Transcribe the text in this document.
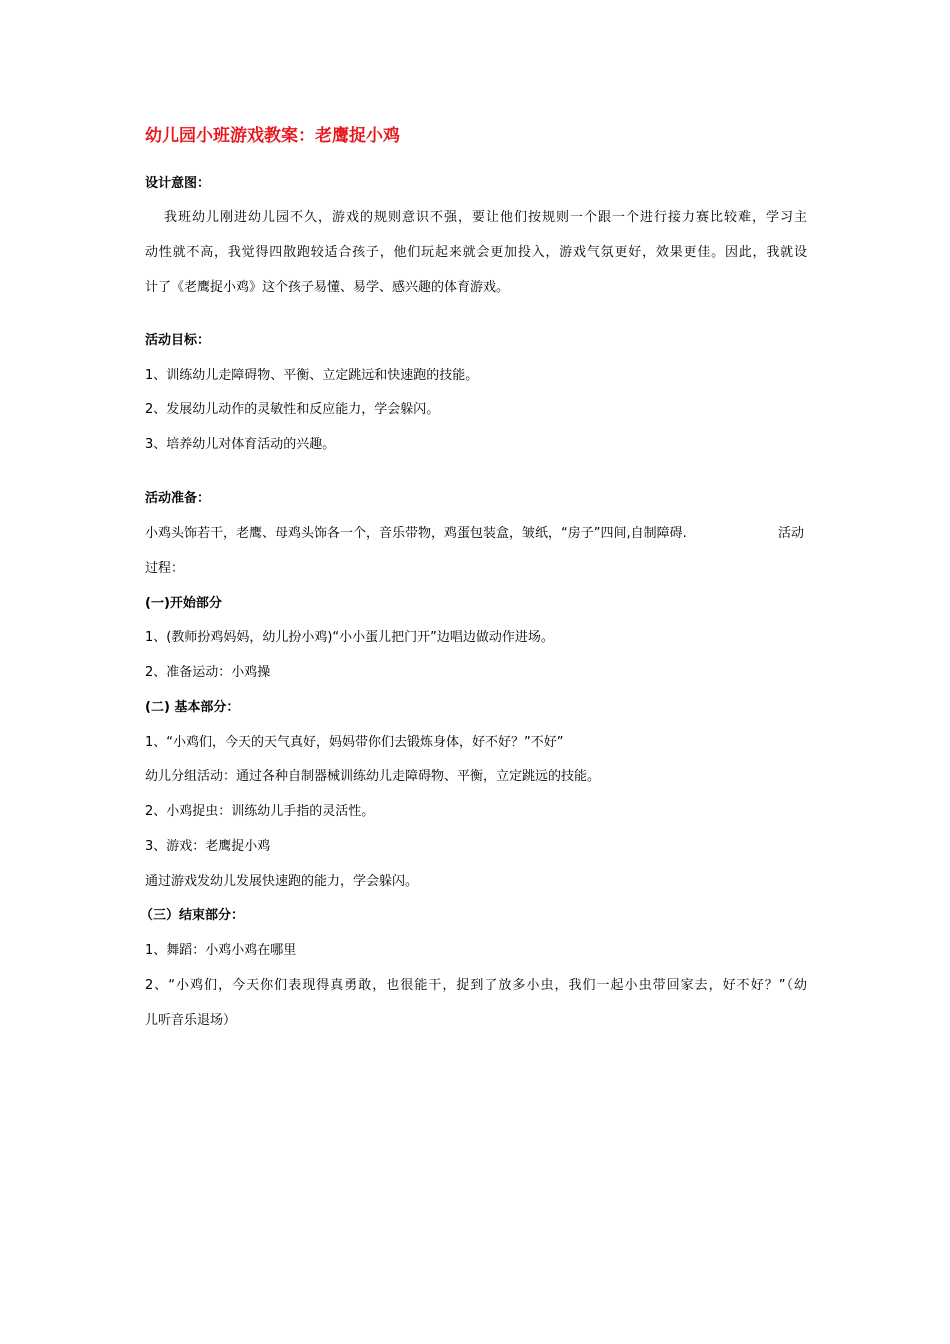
幼儿园小班游戏教案：老鹰捉小鸡
设计意图：
我班幼儿刚进幼儿园不久，游戏的规则意识不强，要让他们按规则一个跟一个进行接力赛比较难，学习主
动性就不高，我觉得四散跑较适合孩子，他们玩起来就会更加投入，游戏气氛更好，效果更佳。因此，我就设
计了《老鹰捉小鸡》这个孩子易懂、易学、感兴趣的体育游戏。
活动目标：
1、训练幼儿走障碍物、平衡、立定跳远和快速跑的技能。
2、发展幼儿动作的灵敏性和反应能力，学会躲闪。
3、培养幼儿对体育活动的兴趣。
活动准备：
小鸡头饰若干，老鹰、母鸡头饰各一个，音乐带物，鸡蛋包装盒，皱纸，“房子”四间,自制障碍.	活动
过程：
(一)开始部分
1、(教师扮鸡妈妈，幼儿扮小鸡)“小小蛋儿把门开”边唱边做动作进场。
2、准备运动：小鸡操
(二) 基本部分：
1、“小鸡们，今天的天气真好，妈妈带你们去锻炼身体，好不好？”不好”
幼儿分组活动：通过各种自制器械训练幼儿走障碍物、平衡，立定跳远的技能。
2、小鸡捉虫：训练幼儿手指的灵活性。
3、游戏：老鹰捉小鸡
通过游戏发幼儿发展快速跑的能力，学会躲闪。
（三）结束部分：
1、舞蹈：小鸡小鸡在哪里
2、“小鸡们，今天你们表现得真勇敢，也很能干，捉到了放多小虫，我们一起小虫带回家去，好不好？”（幼
儿听音乐退场）
